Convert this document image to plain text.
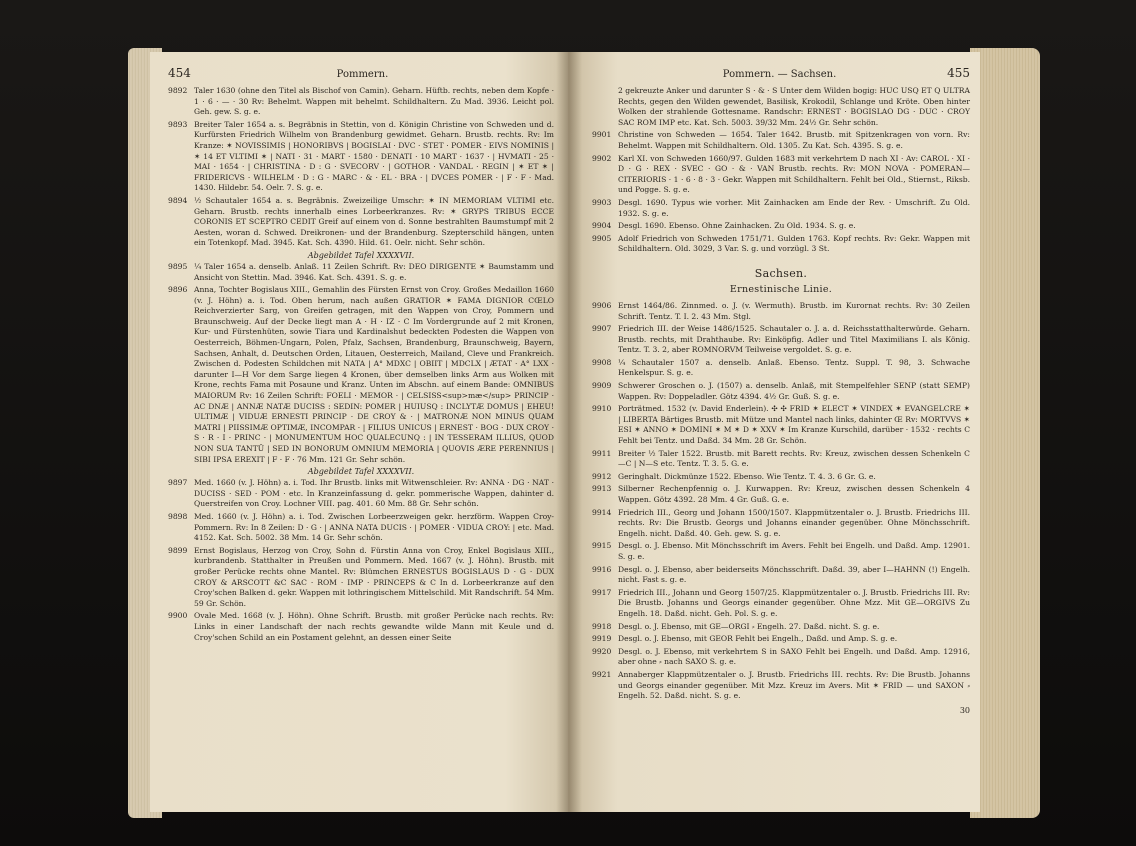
454	Pommern.
9892 Taler 1630 (ohne den Titel als Bischof von Camin). Geharn. Hüftb. rechts, neben dem Kopfe · 1 · 6 · — · 30 Rv: Behelmt. Wappen mit behelmt. Schildhaltern. Zu Mad. 3936. Leicht pol. Geh. gew. S. g. e.
9893 Breiter Taler 1654 a. s. Begräbnis in Stettin, von d. Königin Christine von Schweden und d. Kurfürsten Friedrich Wilhelm von Brandenburg gewidmet. Geharn. Brustb. rechts. Rv: Im Kranze: ✶ NOVISSIMIS | HONORIBVS | BOGISLAI · DVC · STET · POMER · EIVS NOMINIS | ✶ 14 ET VLTIMI ✶ | NATI · 31 · MART · 1580 · DENATI · 10 MART · 1637 · | HVMATI · 25 · MAI · 1654 · | CHRISTINA · D : G · SVECORV · | GOTHOR · VANDAL · REGIN | ✶ ET ✶ | FRIDERICVS · WILHELM · D : G · MARC · & · EL · BRA · | DVCES POMER · | F · F · Mad. 1430. Hildebr. 54. Oelr. 7. S. g. e.
9894 ½ Schautaler 1654 a. s. Begräbnis. Zweizeilige Umschr: ✶ IN MEMORIAM VLTIMI etc. Geharn. Brustb. rechts innerhalb eines Lorbeerkranzes. Rv: ✶ GRYPS TRIBUS ECCE CORONIS ET SCEPTRO CEDIT Greif auf einem von d. Sonne bestrahlten Baumstumpf mit 2 Aesten, woran d. Schwed. Dreikronen- und der Brandenburg. Szepterschild hängen, unten ein Totenkopf. Mad. 3945. Kat. Sch. 4390. Hild. 61. Oelr. nicht. Sehr schön.
Abgebildet Tafel XXXXVII.
9895 ¼ Taler 1654 a. denselb. Anlaß. 11 Zeilen Schrift. Rv: DEO DIRIGENTE ✶ Baumstamm und Ansicht von Stettin. Mad. 3946. Kat. Sch. 4391. S. g. e.
9896 Anna, Tochter Bogislaus XIII., Gemahlin des Fürsten Ernst von Croy. Großes Medaillon 1660 (v. J. Höhn) a. i. Tod. Oben herum, nach außen GRATIOR ✶ FAMA DIGNIOR CŒLO Reichverzierter Sarg, von Greifen getragen, mit den Wappen von Croy, Pommern und Braunschweig. Auf der Decke liegt man A · H · IZ · C Im Vordergrunde auf 2 mit Kronen, Kur- und Fürstenhüten, sowie Tiara und Kardinalshut bedeckten Podesten die Wappen von Oesterreich, Böhmen-Ungarn, Polen, Pfalz, Sachsen, Brandenburg, Braunschweig, Bayern, Sachsen, Anhalt, d. Deutschen Orden, Litauen, Oesterreich, Mailand, Cleve und Frankreich. Zwischen d. Podesten Schildchen mit NATA | A° MDXC | OBIIT | MDCLX | ÆTAT · A° LXX · darunter I—H Vor dem Sarge liegen 4 Kronen, über demselben links Arm aus Wolken mit Krone, rechts Fama mit Posaune und Kranz. Unten im Abschn. auf einem Bande: OMNIBUS MAIORUM Rv: 16 Zeilen Schrift: FOELI · MEMOR · | CELSISS<sup>mæ</sup> PRINCIP · AC DNÆ | ANNÆ NATÆ DUCISS : SEDIN: POMER | HUIUSQ : INCLYTÆ DOMUS | EHEU! ULTIMÆ | VIDUÆ ERNESTI PRINCIP · DE CROY & · | MATRONÆ NON MINUS QUAM MATRI | PIISSIMÆ OPTIMÆ, INCOMPAR · | FILIUS UNICUS | ERNEST · BOG · DUX CROY · S · R · I · PRINC · | MONUMENTUM HOC QUALECUNQ : | IN TESSERAM ILLIUS, QUOD NON SUA TANTÛ | SED IN BONORUM OMNIUM MEMORIA | QUOVIS ÆRE PERENNIUS | SIBI IPSA EREXIT | F · F · 76 Mm. 121 Gr. Sehr schön.
Abgebildet Tafel XXXXVII.
9897 Med. 1660 (v. J. Höhn) a. i. Tod. Ihr Brustb. links mit Witwenschleier. Rv: ANNA · DG · NAT · DUCISS · SED · POM · etc. In Kranzeinfassung d. gekr. pommerische Wappen, dahinter d. Querstreifen von Croy. Lochner VIII. pag. 401. 60 Mm. 88 Gr. Sehr schön.
9898 Med. 1660 (v. J. Höhn) a. i. Tod. Zwischen Lorbeerzweigen gekr. herzförm. Wappen Croy-Pommern. Rv: In 8 Zeilen: D · G · | ANNA NATA DUCIS · | POMER · VIDUA CROY: | etc. Mad. 4152. Kat. Sch. 5002. 38 Mm. 14 Gr. Sehr schön.
9899 Ernst Bogislaus, Herzog von Croy, Sohn d. Fürstin Anna von Croy, Enkel Bogislaus XIII., kurbrandenb. Statthalter in Preußen und Pommern. Med. 1667 (v. J. Höhn). Brustb. mit großer Perücke rechts ohne Mantel. Rv: Blümchen ERNESTUS BOGISLAUS D · G · DUX CROY & ARSCOTT &C SAC · ROM · IMP · PRINCEPS & C In d. Lorbeerkranze auf den Croy'schen Balken d. gekr. Wappen mit lothringischem Mittelschild. Mit Randschrift. 54 Mm. 59 Gr. Schön.
9900 Ovale Med. 1668 (v. J. Höhn). Ohne Schrift. Brustb. mit großer Perücke nach rechts. Rv: Links in einer Landschaft der nach rechts gewandte wilde Mann mit Keule und d. Croy'schen Schild an ein Postament gelehnt, an dessen einer Seite
Pommern. — Sachsen.	455
2 gekreuzte Anker und darunter S · & · S Unter dem Wilden bogig: HUC USQ ET Q ULTRA Rechts, gegen den Wilden gewendet, Basilisk, Krokodil, Schlange und Kröte. Oben hinter Wolken der strahlende Gottesname. Randschr: ERNEST · BOGISLAO DG · DUC · CROY SAC ROM IMP etc. Kat. Sch. 5003. 39/32 Mm. 24½ Gr. Sehr schön.
9901 Christine von Schweden — 1654. Taler 1642. Brustb. mit Spitzenkragen von vorn. Rv: Behelmt. Wappen mit Schildhaltern. Old. 1305. Zu Kat. Sch. 4395. S. g. e.
9902 Karl XI. von Schweden 1660/97. Gulden 1683 mit verkehrtem D nach XI · Av: CAROL · XI · D · G · REX · SVEC · GO · & · VAN Brustb. rechts. Rv: MON NOVA · POMERAN—CITERIORIS · 1 · 6 · 8 · 3 · Gekr. Wappen mit Schildhaltern. Fehlt bei Old., Stiernst., Riksb. und Pogge. S. g. e.
9903 Desgl. 1690. Typus wie vorher. Mit Zainhacken am Ende der Rev. · Umschrift. Zu Old. 1932. S. g. e.
9904 Desgl. 1690. Ebenso. Ohne Zainhacken. Zu Old. 1934. S. g. e.
9905 Adolf Friedrich von Schweden 1751/71. Gulden 1763. Kopf rechts. Rv: Gekr. Wappen mit Schildhaltern. Old. 3029, 3 Var. S. g. und vorzügl. 3 St.
Sachsen.
Ernestinische Linie.
9906 Ernst 1464/86. Zinnmed. o. J. (v. Wermuth). Brustb. im Kurornat rechts. Rv: 30 Zeilen Schrift. Tentz. T. I. 2. 43 Mm. Stgl.
9907 Friedrich III. der Weise 1486/1525. Schautaler o. J. a. d. Reichsstatthalterwürde. Geharn. Brustb. rechts, mit Drahthaube. Rv: Einköpfig. Adler und Titel Maximilians I. als König. Tentz. T. 3. 2, aber ROMNORVM Teilweise vergoldet. S. g. e.
9908 ¼ Schautaler 1507 a. denselb. Anlaß. Ebenso. Tentz. Suppl. T. 98, 3. Schwache Henkelspur. S. g. e.
9909 Schwerer Groschen o. J. (1507) a. denselb. Anlaß, mit Stempelfehler SENP (statt SEMP) Wappen. Rv: Doppeladler. Götz 4394. 4½ Gr. Guß. S. g. e.
9910 Porträtmed. 1532 (v. David Enderlein). ✣ ✣ FRID ✶ ELECT ✶ VINDEX ✶ EVANGELCRE ✶ | LIBERTA Bärtiges Brustb. mit Mütze und Mantel nach links, dahinter Œ Rv: MORTVVS ✶ ESI ✶ ANNO ✶ DOMINI ✶ M ✶ D ✶ XXV ✶ Im Kranze Kurschild, darüber · 1532 · rechts C Fehlt bei Tentz. und Daßd. 34 Mm. 28 Gr. Schön.
9911 Breiter ½ Taler 1522. Brustb. mit Barett rechts. Rv: Kreuz, zwischen dessen Schenkeln C—C | N—S etc. Tentz. T. 3. 5. G. e.
9912 Geringhalt. Dickmünze 1522. Ebenso. Wie Tentz. T. 4. 3. 6 Gr. G. e.
9913 Silberner Rechenpfennig o. J. Kurwappen. Rv: Kreuz, zwischen dessen Schenkeln 4 Wappen. Götz 4392. 28 Mm. 4 Gr. Guß. G. e.
9914 Friedrich III., Georg und Johann 1500/1507. Klappmützentaler o. J. Brustb. Friedrichs III. rechts. Rv: Die Brustb. Georgs und Johanns einander gegenüber. Ohne Mönchsschrift. Engelh. nicht. Daßd. 40. Geh. gew. S. g. e.
9915 Desgl. o. J. Ebenso. Mit Mönchsschrift im Avers. Fehlt bei Engelh. und Daßd. Amp. 12901. S. g. e.
9916 Desgl. o. J. Ebenso, aber beiderseits Mönchsschrift. Daßd. 39, aber I—HAHNN (!) Engelh. nicht. Fast s. g. e.
9917 Friedrich III., Johann und Georg 1507/25. Klappmützentaler o. J. Brustb. Friedrichs III. Rv: Die Brustb. Johanns und Georgs einander gegenüber. Ohne Mzz. Mit GE—ORGIVS Zu Engelh. 18. Daßd. nicht. Geh. Pol. S. g. e.
9918 Desgl. o. J. Ebenso, mit GE—ORGI ⸗ Engelh. 27. Daßd. nicht. S. g. e.
9919 Desgl. o. J. Ebenso, mit GEOR Fehlt bei Engelh., Daßd. und Amp. S. g. e.
9920 Desgl. o. J. Ebenso, mit verkehrtem S in SAXO Fehlt bei Engelh. und Daßd. Amp. 12916, aber ohne ⸗ nach SAXO S. g. e.
9921 Annaberger Klappmützentaler o. J. Brustb. Friedrichs III. rechts. Rv: Die Brustb. Johanns und Georgs einander gegenüber. Mit Mzz. Kreuz im Avers. Mit ✶ FRID — und SAXON ⸗ Engelh. 52. Daßd. nicht. S. g. e.
30
